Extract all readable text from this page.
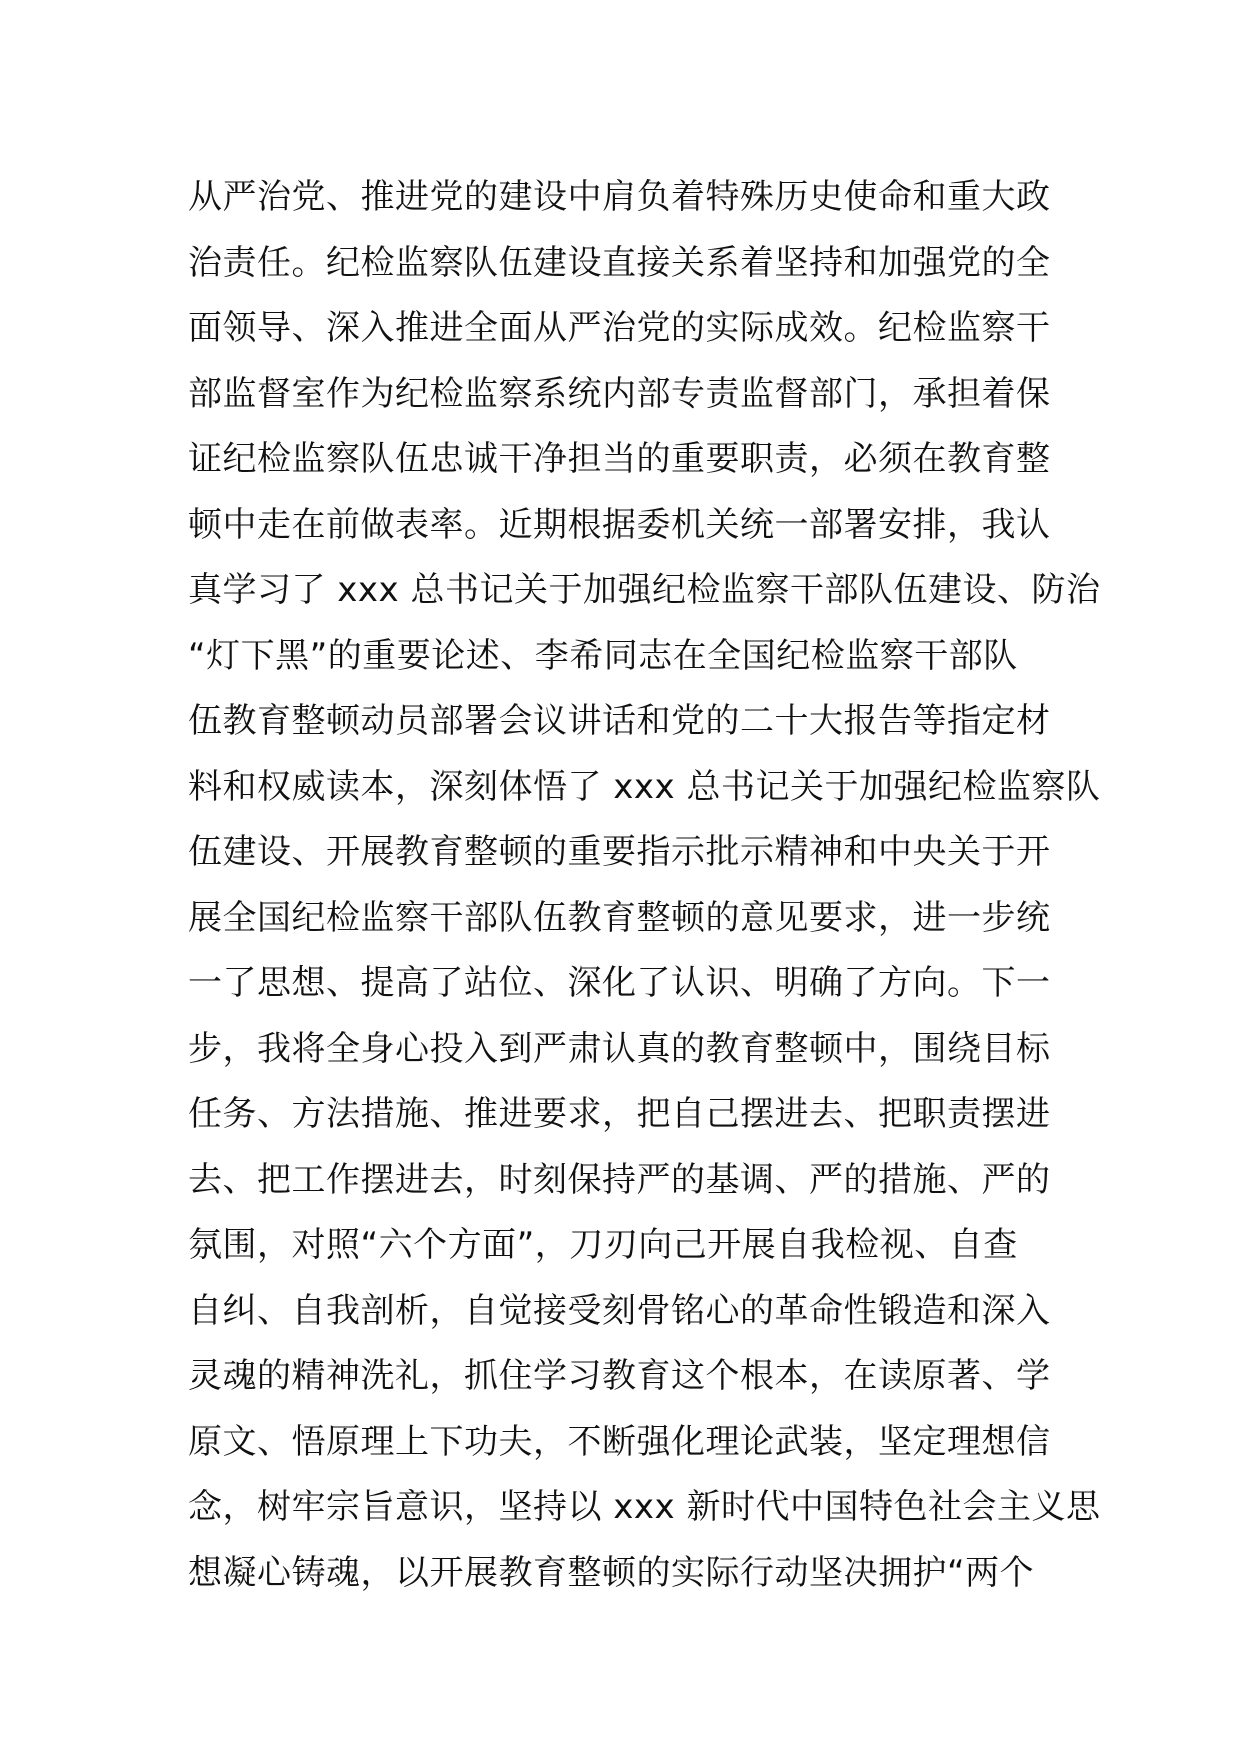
从严治党、推进党的建设中肩负着特殊历史使命和重大政
治责任。纪检监察队伍建设直接关系着坚持和加强党的全
面领导、深入推进全面从严治党的实际成效。纪检监察干
部监督室作为纪检监察系统内部专责监督部门，承担着保
证纪检监察队伍忠诚干净担当的重要职责，必须在教育整
顿中走在前做表率。近期根据委机关统一部署安排，我认
真学习了 xxx 总书记关于加强纪检监察干部队伍建设、防治
“灯下黑”的重要论述、李希同志在全国纪检监察干部队
伍教育整顿动员部署会议讲话和党的二十大报告等指定材
料和权威读本，深刻体悟了 xxx 总书记关于加强纪检监察队
伍建设、开展教育整顿的重要指示批示精神和中央关于开
展全国纪检监察干部队伍教育整顿的意见要求，进一步统
一了思想、提高了站位、深化了认识、明确了方向。下一
步，我将全身心投入到严肃认真的教育整顿中，围绕目标
任务、方法措施、推进要求，把自己摆进去、把职责摆进
去、把工作摆进去，时刻保持严的基调、严的措施、严的
氛围，对照“六个方面”，刀刃向己开展自我检视、自查
自纠、自我剖析，自觉接受刻骨铭心的革命性锻造和深入
灵魂的精神洗礼，抓住学习教育这个根本，在读原著、学
原文、悟原理上下功夫，不断强化理论武装，坚定理想信
念，树牢宗旨意识，坚持以 xxx 新时代中国特色社会主义思
想凝心铸魂，以开展教育整顿的实际行动坚决拥护“两个
